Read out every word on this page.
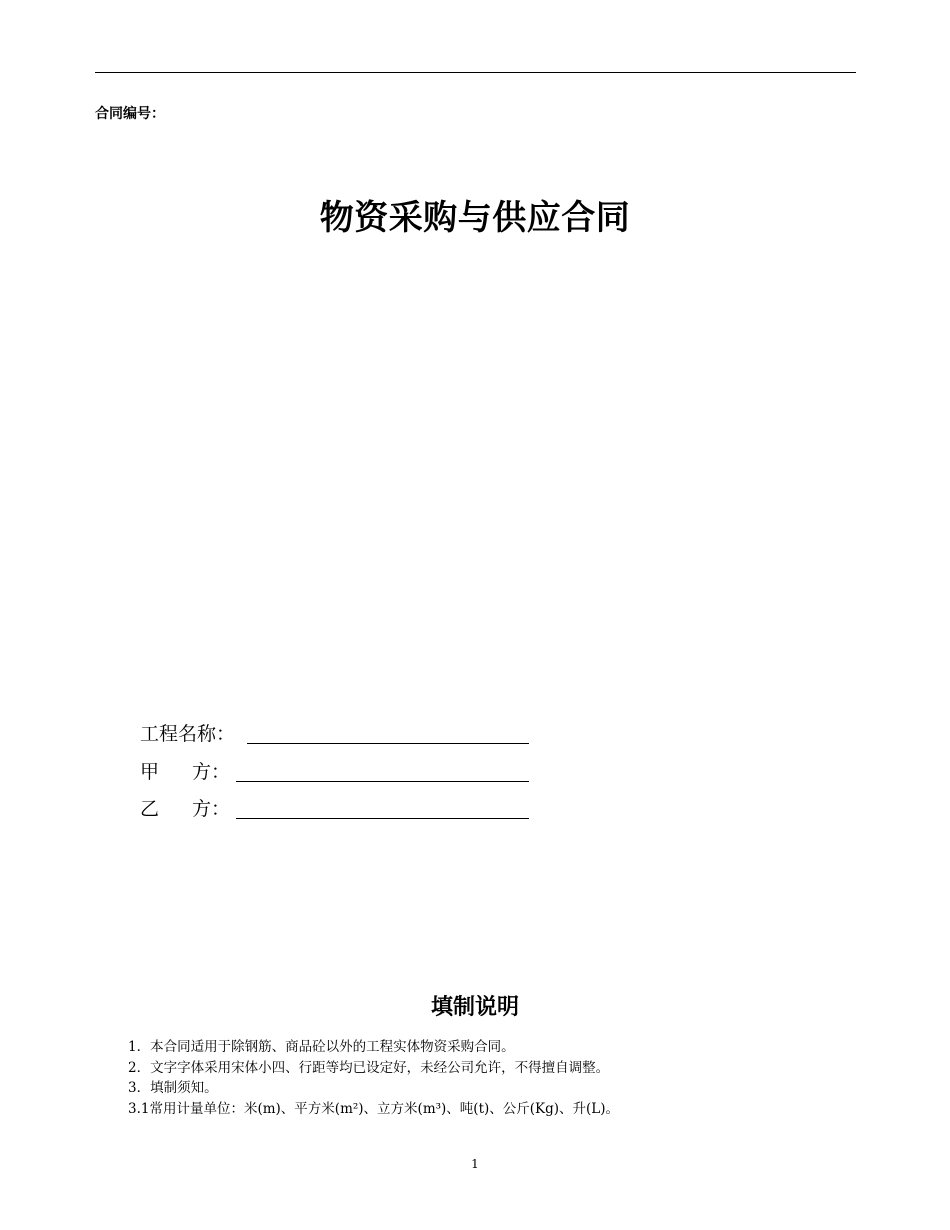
合同编号：
物资采购与供应合同
工程名称：
甲 方：
乙 方：
填制说明
1．本合同适用于除钢筋、商品砼以外的工程实体物资采购合同。
2．文字字体采用宋体小四、行距等均已设定好，未经公司允许，不得擅自调整。
3．填制须知。
3.1常用计量单位：米(m)、平方米(m²)、立方米(m³)、吨(t)、公斤(Kg)、升(L)。
1
